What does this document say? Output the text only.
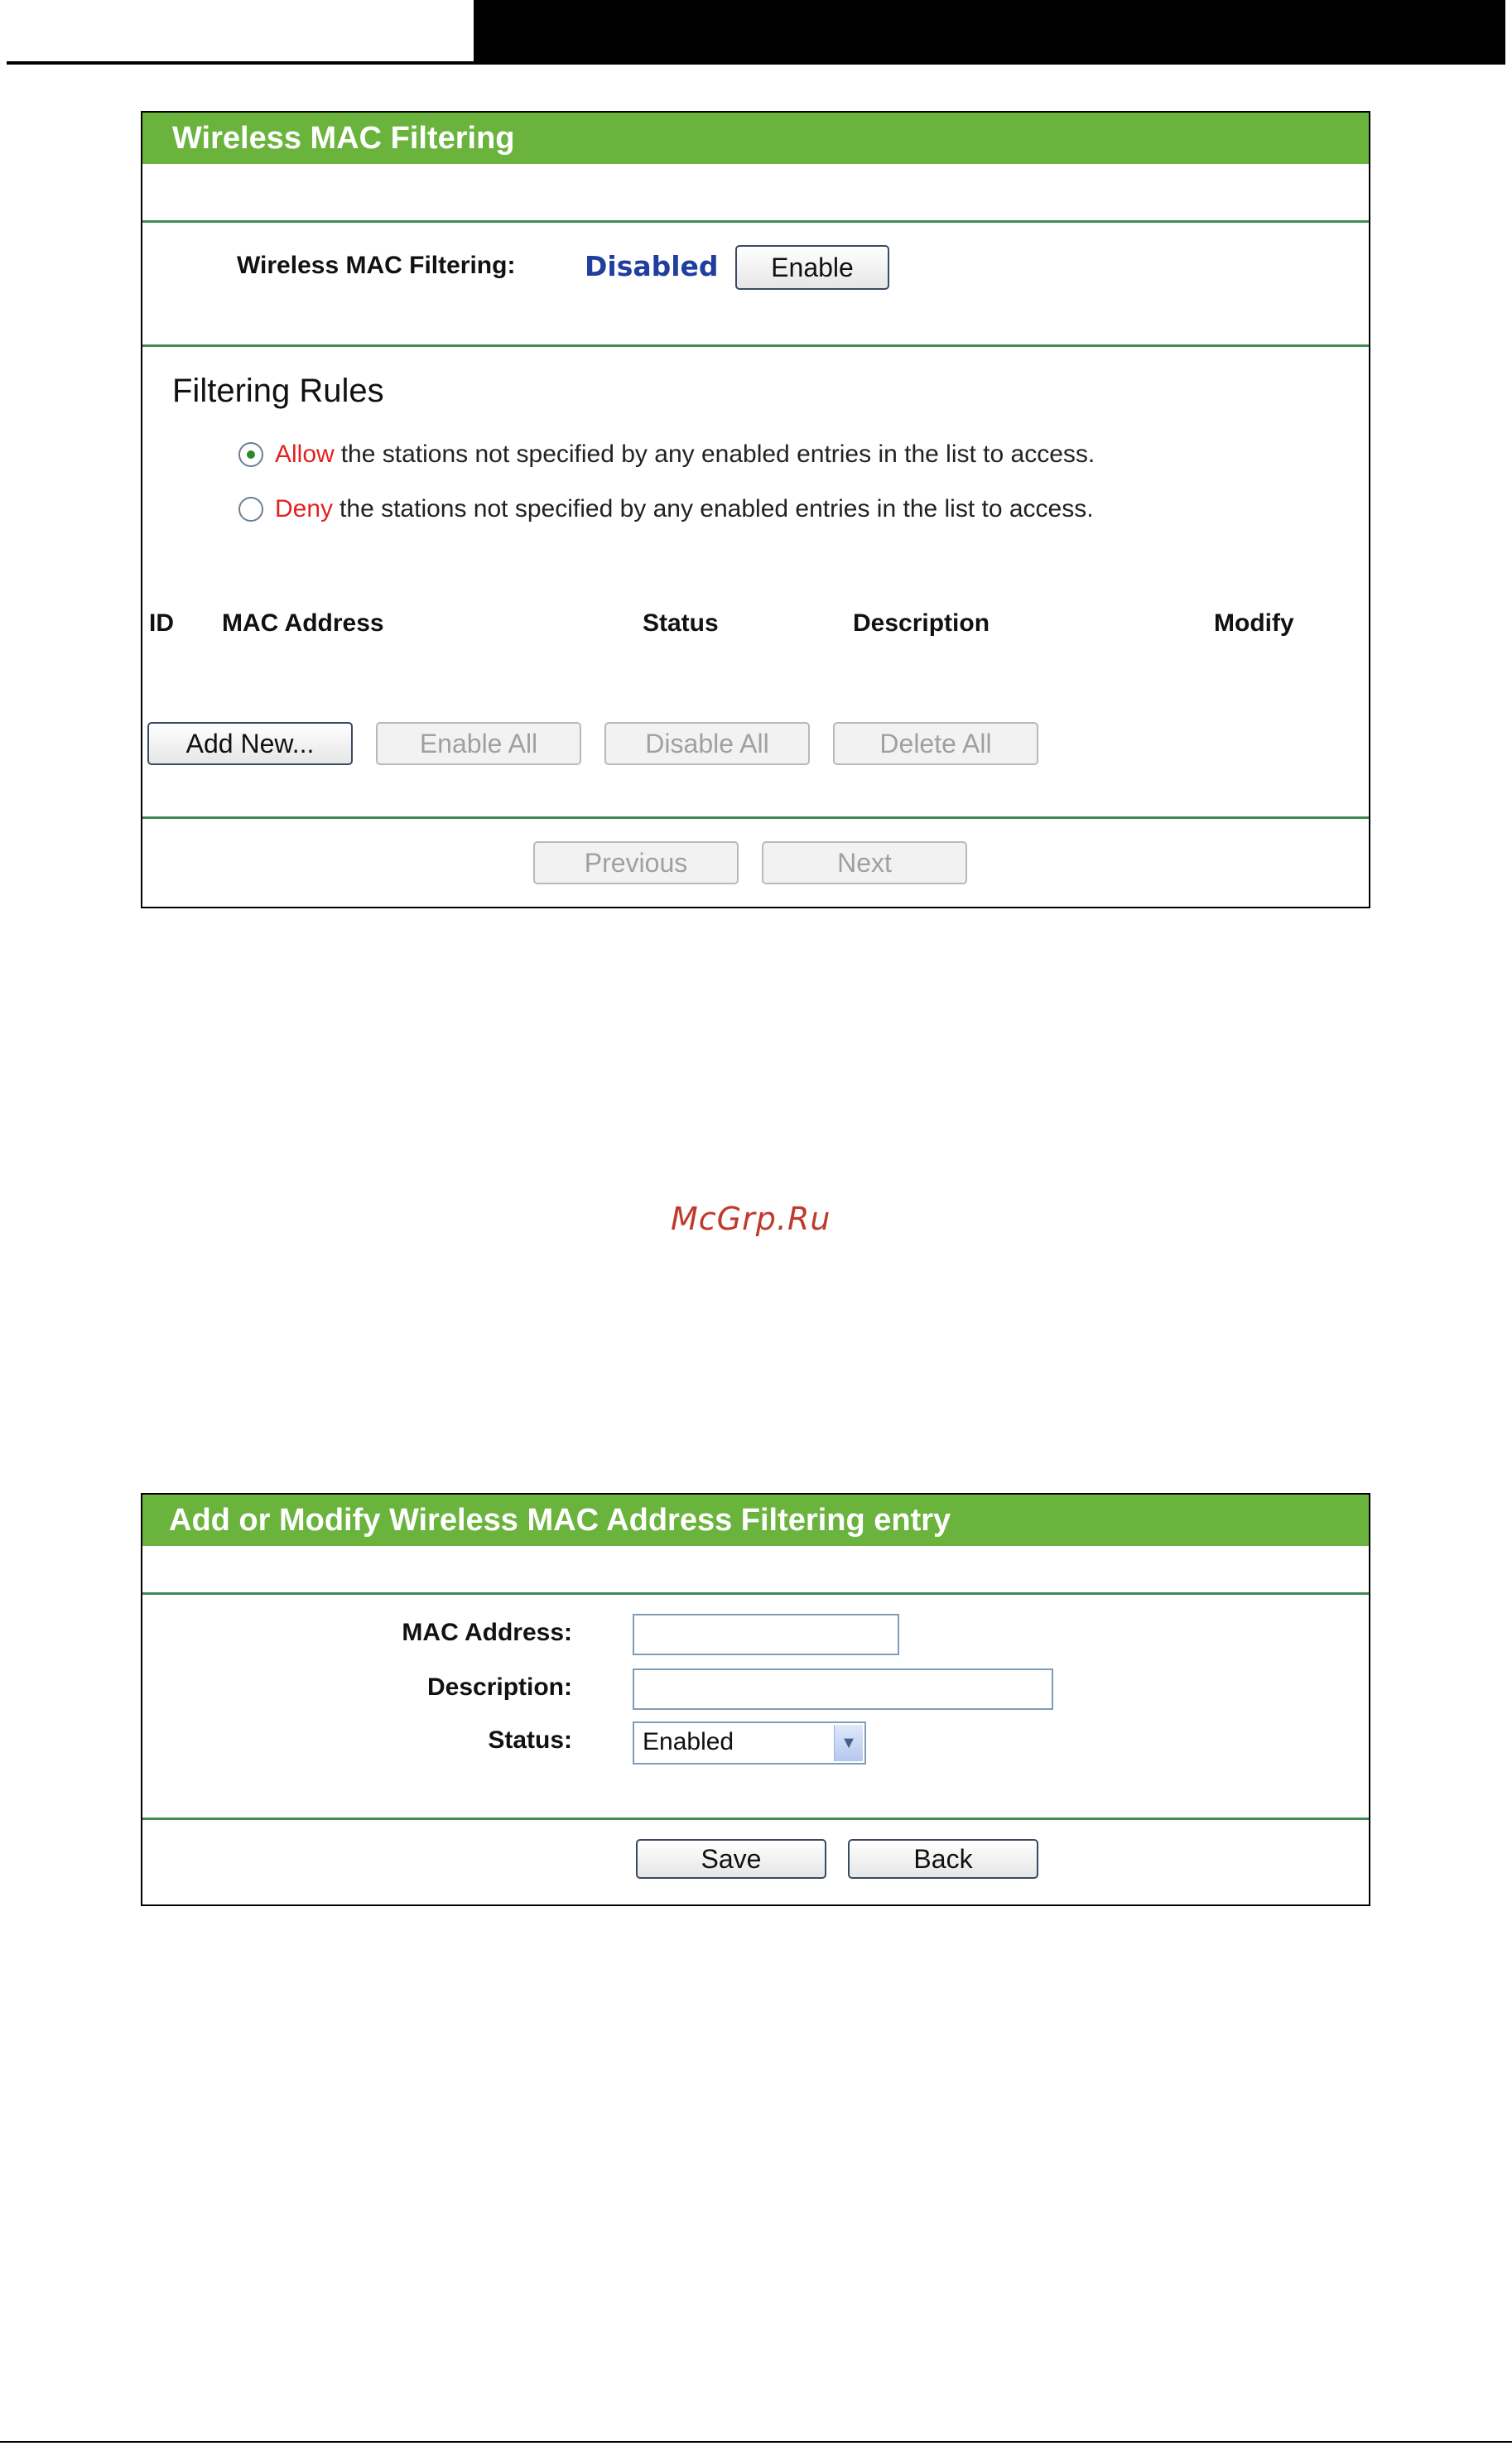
Wireless MAC Filtering
Wireless MAC Filtering:	Disabled	Enable
Filtering Rules
Allow the stations not specified by any enabled entries in the list to access.
Deny the stations not specified by any enabled entries in the list to access.
ID MAC Address	Status	Description	Modify
Add New...	Enable All	Disable All	Delete All
Previous	Next
McGrp.Ru
Add or Modify Wireless MAC Address Filtering entry
MAC Address:
Description:
Status:	Enabled	▼
Save	Back
